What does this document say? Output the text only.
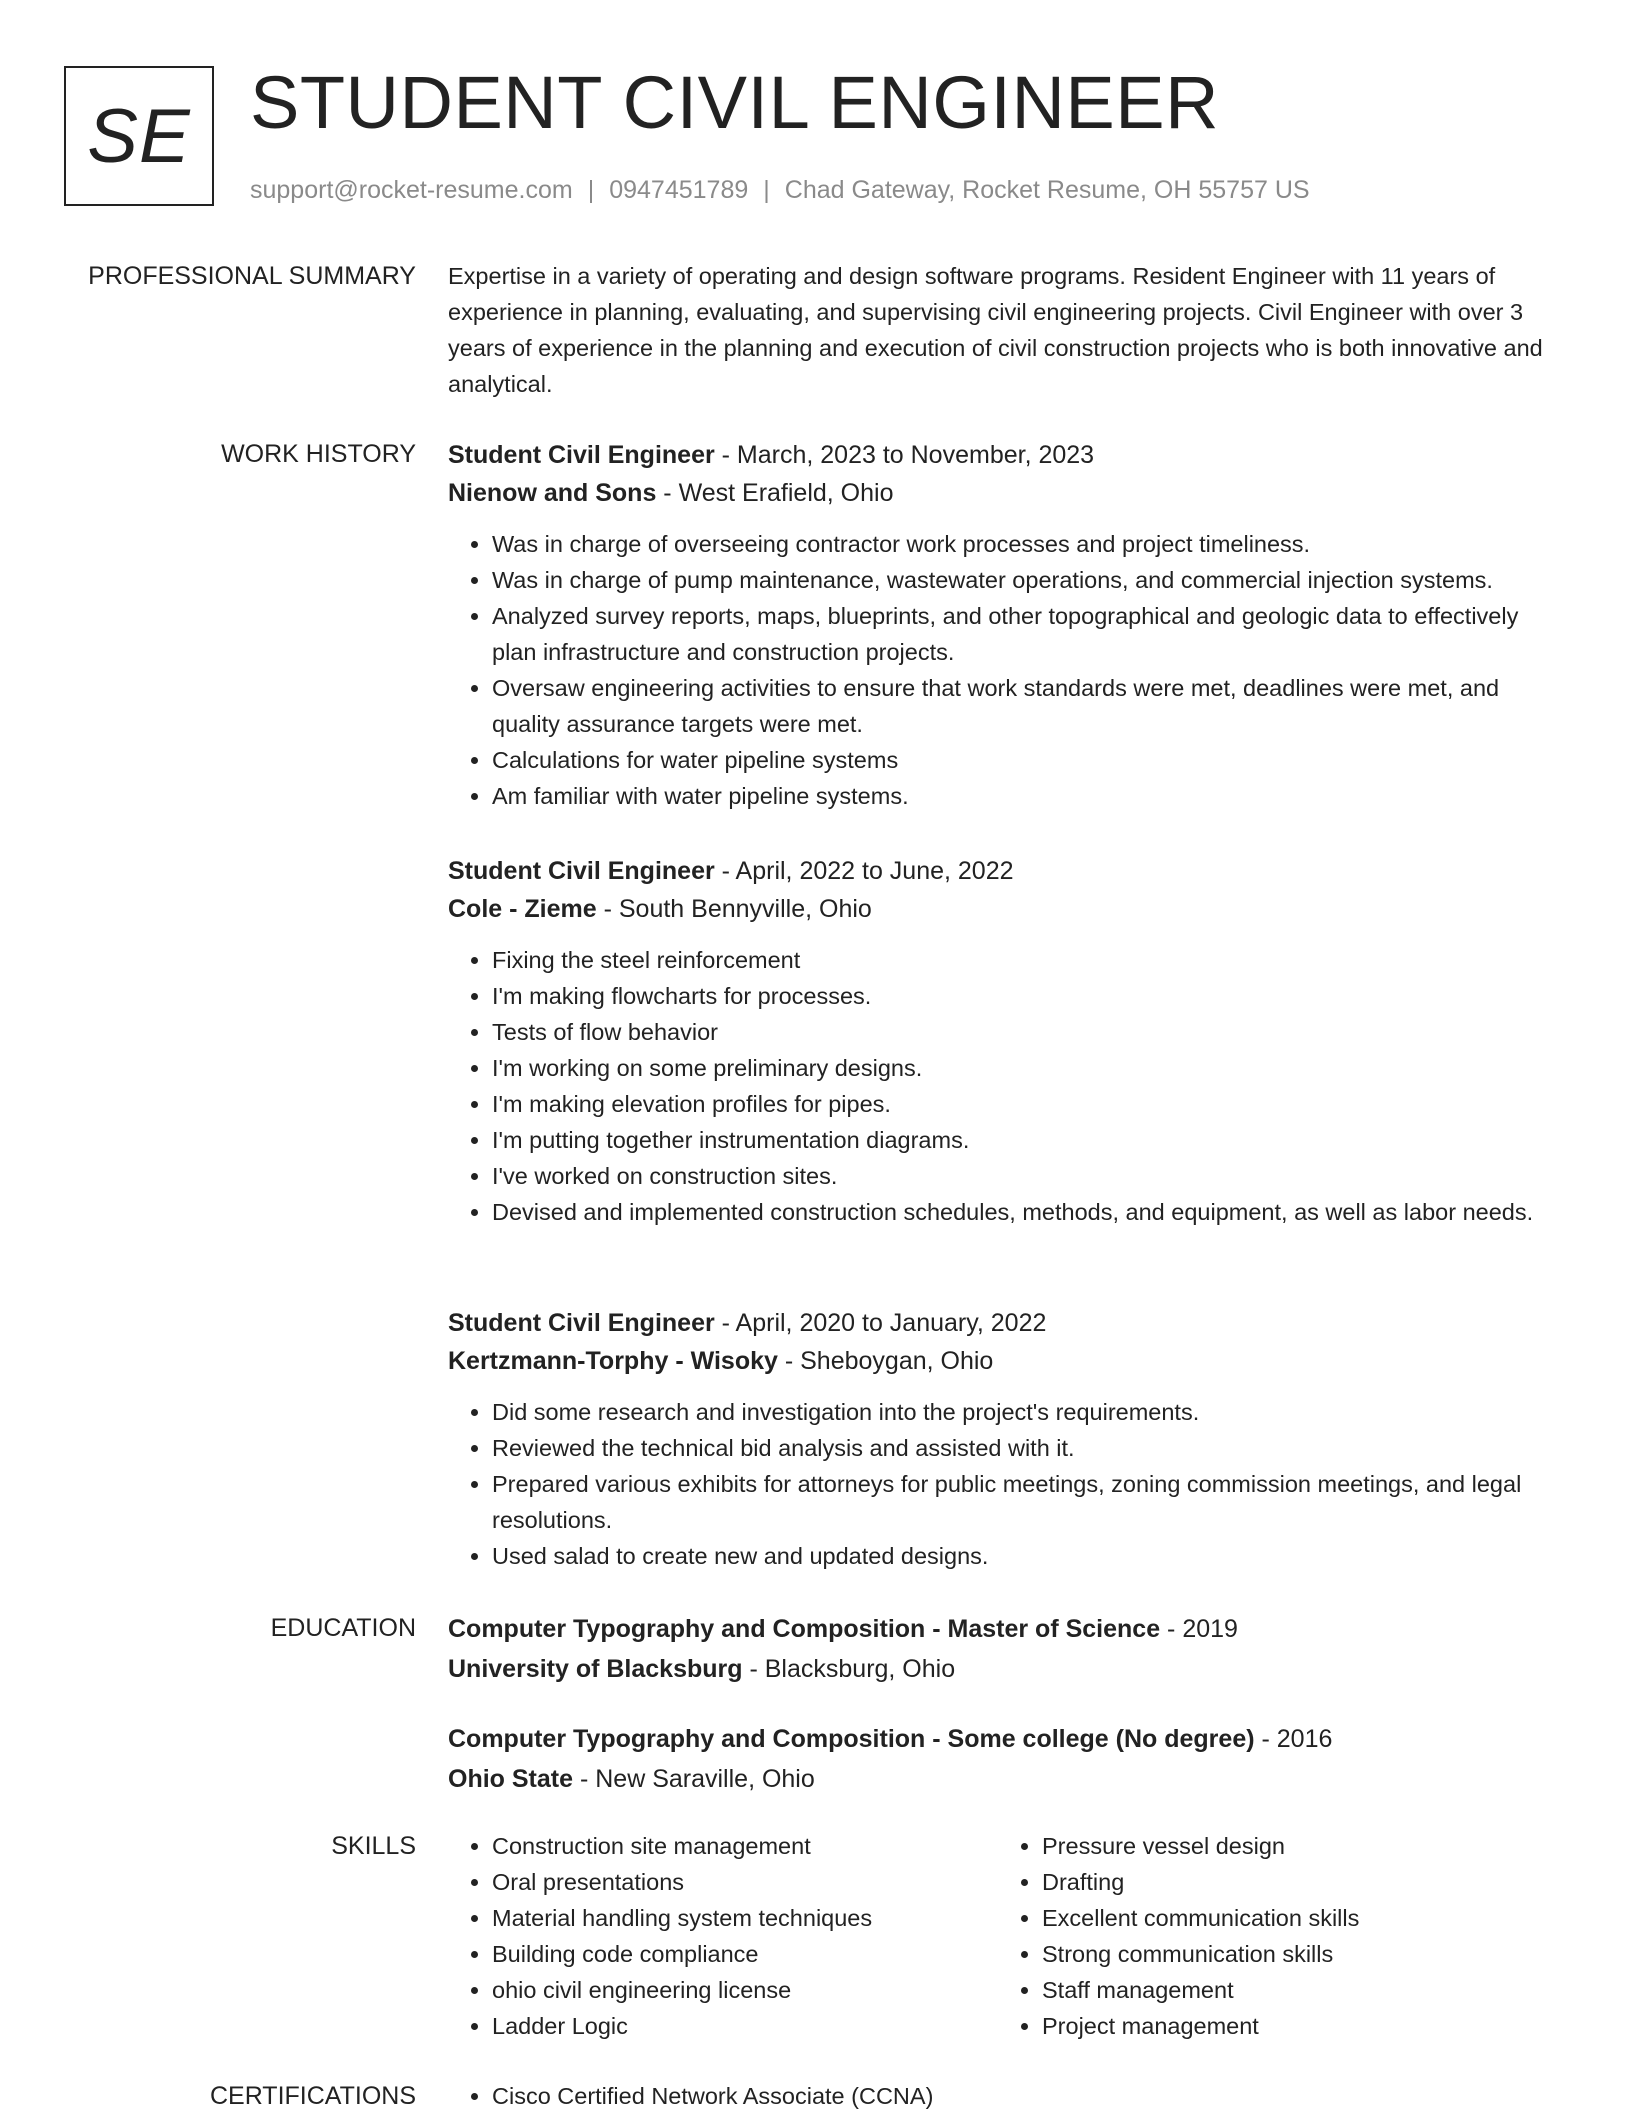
SE STUDENT CIVIL ENGINEER
support@rocket-resume.com | 0947451789 | Chad Gateway, Rocket Resume, OH 55757 US
PROFESSIONAL SUMMARY Expertise in a variety of operating and design software programs. Resident Engineer with 11 years of experience in planning, evaluating, and supervising civil engineering projects. Civil Engineer with over 3 years of experience in the planning and execution of civil construction projects who is both innovative and analytical.

WORK HISTORY Student Civil Engineer - March, 2023 to November, 2023
Nienow and Sons - West Erafield, Ohio
• Was in charge of overseeing contractor work processes and project timeliness.
• Was in charge of pump maintenance, wastewater operations, and commercial injection systems.
• Analyzed survey reports, maps, blueprints, and other topographical and geologic data to effectively plan infrastructure and construction projects.
• Oversaw engineering activities to ensure that work standards were met, deadlines were met, and quality assurance targets were met.
• Calculations for water pipeline systems
• Am familiar with water pipeline systems.
Student Civil Engineer - April, 2022 to June, 2022
Cole - Zieme - South Bennyville, Ohio
• Fixing the steel reinforcement
• I'm making flowcharts for processes.
• Tests of flow behavior
• I'm working on some preliminary designs.
• I'm making elevation profiles for pipes.
• I'm putting together instrumentation diagrams.
• I've worked on construction sites.
• Devised and implemented construction schedules, methods, and equipment, as well as labor needs.
Student Civil Engineer - April, 2020 to January, 2022
Kertzmann-Torphy - Wisoky - Sheboygan, Ohio
• Did some research and investigation into the project's requirements.
• Reviewed the technical bid analysis and assisted with it.
• Prepared various exhibits for attorneys for public meetings, zoning commission meetings, and legal resolutions.
• Used salad to create new and updated designs.
EDUCATION Computer Typography and Composition - Master of Science - 2019
University of Blacksburg - Blacksburg, Ohio
Computer Typography and Composition - Some college (No degree) - 2016
Ohio State - New Saraville, Ohio
SKILLS	• Construction site management
• Oral presentations
• Material handling system techniques
• Building code compliance
• ohio civil engineering license
• Ladder Logic
• Pressure vessel design
• Drafting
• Excellent communication skills
• Strong communication skills
• Staff management
• Project management
CERTIFICATIONS	• Cisco Certified Network Associate (CCNA)
